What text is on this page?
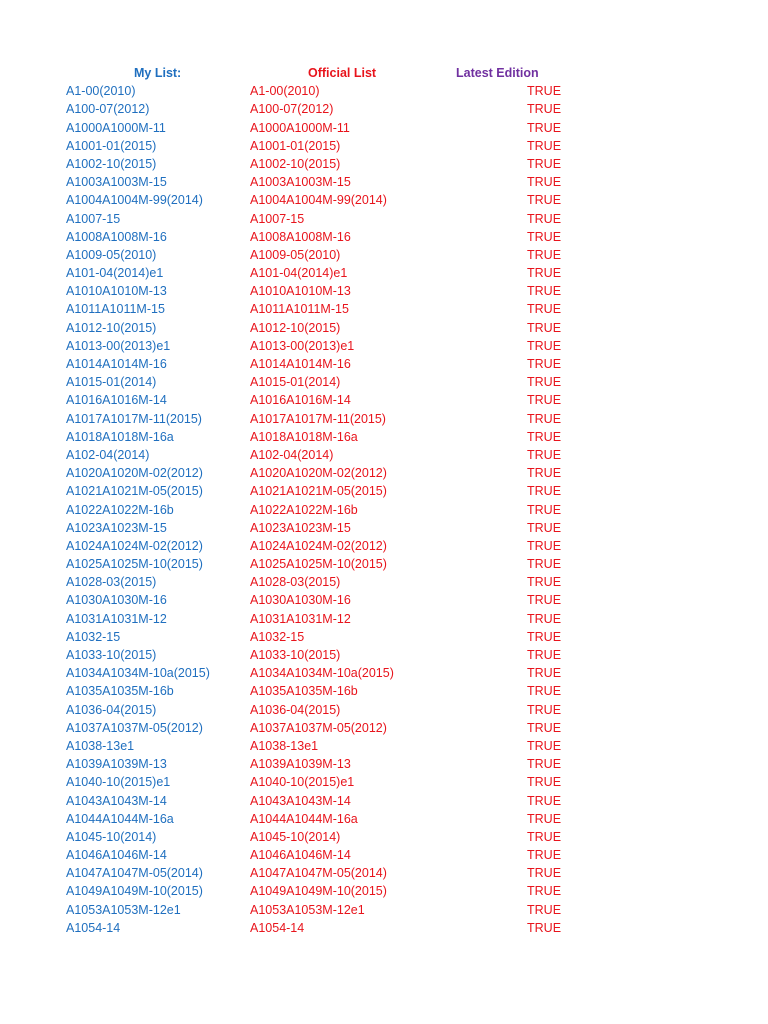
My List:	Official List	Latest Edition
A1-00(2010)	A1-00(2010)	TRUE
A100-07(2012)	A100-07(2012)	TRUE
A1000A1000M-11	A1000A1000M-11	TRUE
A1001-01(2015)	A1001-01(2015)	TRUE
A1002-10(2015)	A1002-10(2015)	TRUE
A1003A1003M-15	A1003A1003M-15	TRUE
A1004A1004M-99(2014)	A1004A1004M-99(2014)	TRUE
A1007-15	A1007-15	TRUE
A1008A1008M-16	A1008A1008M-16	TRUE
A1009-05(2010)	A1009-05(2010)	TRUE
A101-04(2014)e1	A101-04(2014)e1	TRUE
A1010A1010M-13	A1010A1010M-13	TRUE
A1011A1011M-15	A1011A1011M-15	TRUE
A1012-10(2015)	A1012-10(2015)	TRUE
A1013-00(2013)e1	A1013-00(2013)e1	TRUE
A1014A1014M-16	A1014A1014M-16	TRUE
A1015-01(2014)	A1015-01(2014)	TRUE
A1016A1016M-14	A1016A1016M-14	TRUE
A1017A1017M-11(2015)	A1017A1017M-11(2015)	TRUE
A1018A1018M-16a	A1018A1018M-16a	TRUE
A102-04(2014)	A102-04(2014)	TRUE
A1020A1020M-02(2012)	A1020A1020M-02(2012)	TRUE
A1021A1021M-05(2015)	A1021A1021M-05(2015)	TRUE
A1022A1022M-16b	A1022A1022M-16b	TRUE
A1023A1023M-15	A1023A1023M-15	TRUE
A1024A1024M-02(2012)	A1024A1024M-02(2012)	TRUE
A1025A1025M-10(2015)	A1025A1025M-10(2015)	TRUE
A1028-03(2015)	A1028-03(2015)	TRUE
A1030A1030M-16	A1030A1030M-16	TRUE
A1031A1031M-12	A1031A1031M-12	TRUE
A1032-15	A1032-15	TRUE
A1033-10(2015)	A1033-10(2015)	TRUE
A1034A1034M-10a(2015)	A1034A1034M-10a(2015)	TRUE
A1035A1035M-16b	A1035A1035M-16b	TRUE
A1036-04(2015)	A1036-04(2015)	TRUE
A1037A1037M-05(2012)	A1037A1037M-05(2012)	TRUE
A1038-13e1	A1038-13e1	TRUE
A1039A1039M-13	A1039A1039M-13	TRUE
A1040-10(2015)e1	A1040-10(2015)e1	TRUE
A1043A1043M-14	A1043A1043M-14	TRUE
A1044A1044M-16a	A1044A1044M-16a	TRUE
A1045-10(2014)	A1045-10(2014)	TRUE
A1046A1046M-14	A1046A1046M-14	TRUE
A1047A1047M-05(2014)	A1047A1047M-05(2014)	TRUE
A1049A1049M-10(2015)	A1049A1049M-10(2015)	TRUE
A1053A1053M-12e1	A1053A1053M-12e1	TRUE
A1054-14	A1054-14	TRUE
